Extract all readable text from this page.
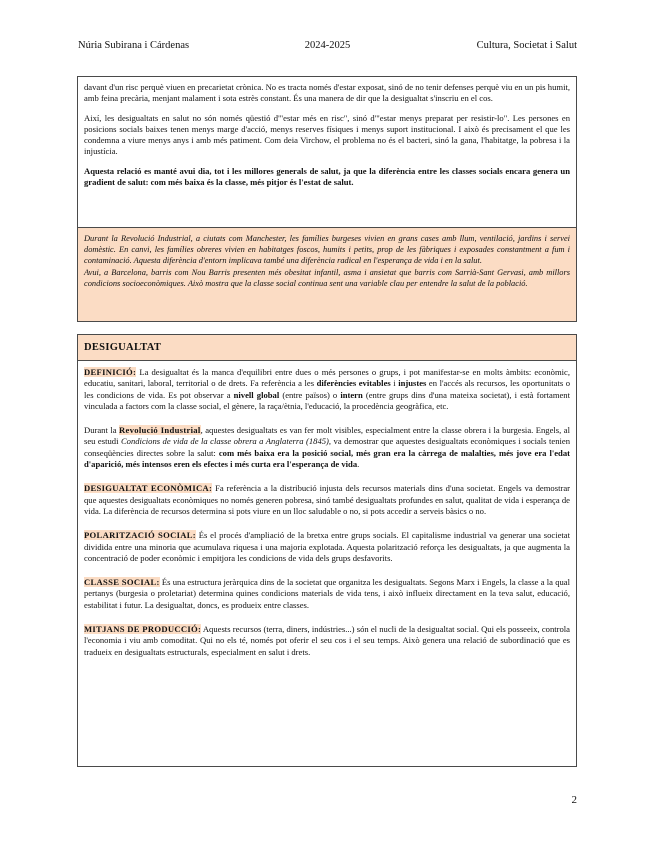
Núria Subirana i Cárdenas	2024-2025	Cultura, Societat i Salut

davant d'un risc perquè viuen en precarietat crònica. No es tracta només d'estar exposat, sinó de no tenir defenses perquè viu en un pis humit, amb feina precària, menjant malament i sota estrès constant. És una manera de dir que la desigualtat s'inscriu en el cos.

Així, les desigualtats en salut no són només qüestió d'"estar més en risc", sinó d'"estar menys preparat per resistir-lo". Les persones en posicions socials baixes tenen menys marge d'acció, menys reserves físiques i menys suport institucional. I això és precisament el que les condemna a viure menys anys i amb més patiment. Com deia Virchow, el problema no és el bacteri, sinó la gana, l'habitatge, la pobresa i la injustícia.

Aquesta relació es manté avui dia, tot i les millores generals de salut, ja que la diferència entre les classes socials encara genera un gradient de salut: com més baixa és la classe, més pitjor és l'estat de salut.

Durant la Revolució Industrial, a ciutats com Manchester, les famílies burgeses vivien en grans cases amb llum, ventilació, jardins i servei domèstic. En canvi, les famílies obreres vivien en habitatges foscos, humits i petits, prop de les fàbriques i exposades constantment a fum i contaminació. Aquesta diferència d'entorn implicava també una diferència radical en l'esperança de vida i en la salut.

Avui, a Barcelona, barris com Nou Barris presenten més obesitat infantil, asma i ansietat que barris com Sarrià-Sant Gervasi, amb millors condicions socioeconòmiques. Això mostra que la classe social continua sent una variable clau per entendre la salut de la població.

DESIGUALTAT

DEFINICIÓ: La desigualtat és la manca d'equilibri entre dues o més persones o grups, i pot manifestar-se en molts àmbits: econòmic, educatiu, sanitari, laboral, territorial o de drets. Fa referència a les diferències evitables i injustes en l'accés als recursos, les oportunitats o les condicions de vida. Es pot observar a nivell global (entre països) o intern (entre grups dins d'una mateixa societat), i està fortament vinculada a factors com la classe social, el gènere, la raça/ètnia, l'educació, la procedència geogràfica, etc.

Durant la Revolució Industrial, aquestes desigualtats es van fer molt visibles, especialment entre la classe obrera i la burgesia. Engels, al seu estudi Condicions de vida de la classe obrera a Anglaterra (1845), va demostrar que aquestes desigualtats econòmiques i socials tenien conseqüències directes sobre la salut: com més baixa era la posició social, més gran era la càrrega de malalties, més jove era l'edat d'aparició, més intensos eren els efectes i més curta era l'esperança de vida.

DESIGUALTAT ECONÒMICA: Fa referència a la distribució injusta dels recursos materials dins d'una societat. Engels va demostrar que aquestes desigualtats econòmiques no només generen pobresa, sinó també desigualtats profundes en salut, qualitat de vida i esperança de vida. La diferència de recursos determina si pots viure en un lloc saludable o no, si pots accedir a serveis bàsics o no.

POLARITZACIÓ SOCIAL: És el procés d'ampliació de la bretxa entre grups socials. El capitalisme industrial va generar una societat dividida entre una minoria que acumulava riquesa i una majoria explotada. Aquesta polarització reforça les desigualtats, ja que augmenta la concentració de poder econòmic i empitjora les condicions de vida dels grups desfavorits.

CLASSE SOCIAL: És una estructura jeràrquica dins de la societat que organitza les desigualtats. Segons Marx i Engels, la classe a la qual pertanys (burgesia o proletariat) determina quines condicions materials de vida tens, i això influeix directament en la teva salut, educació, estabilitat i futur. La desigualtat, doncs, es produeix entre classes.

MITJANS DE PRODUCCIÓ: Aquests recursos (terra, diners, indústries...) són el nucli de la desigualtat social. Qui els posseeix, controla l'economia i viu amb comoditat. Qui no els té, només pot oferir el seu cos i el seu temps. Això genera una relació de subordinació que es tradueix en desigualtats estructurals, especialment en salut i drets.

2
